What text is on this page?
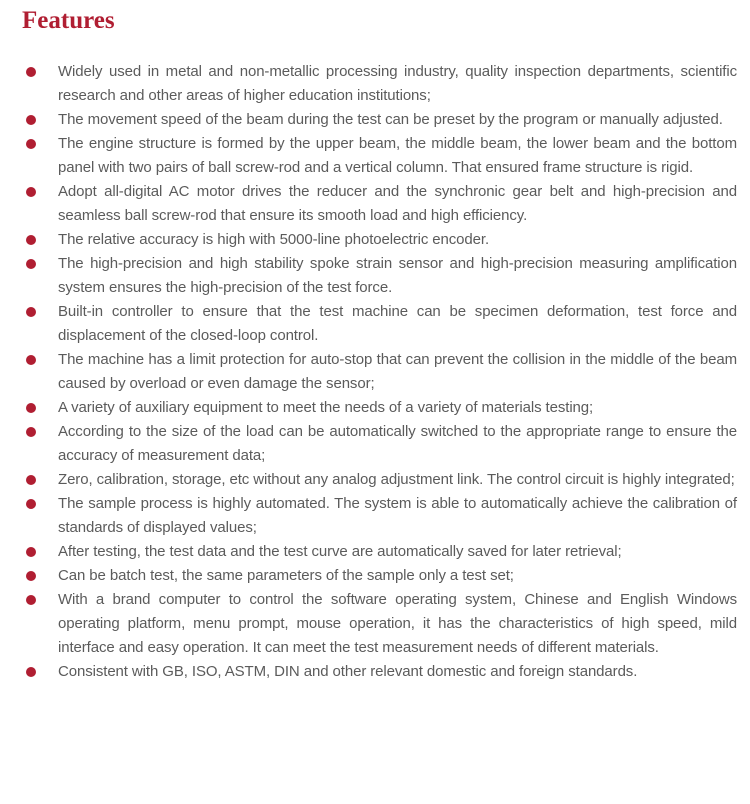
Features

Widely used in metal and non-metallic processing industry, quality inspection departments, scientific research and other areas of higher education institutions;

The movement speed of the beam during the test can be preset by the program or manually adjusted.

The engine structure is formed by the upper beam, the middle beam, the lower beam and the bottom panel with two pairs of ball screw-rod and a vertical column. That ensured frame structure is rigid.

Adopt all-digital AC motor drives the reducer and the synchronic gear belt and high-precision and seamless ball screw-rod that ensure its smooth load and high efficiency.

The relative accuracy is high with 5000-line photoelectric encoder.

The high-precision and high stability spoke strain sensor and high-precision measuring amplification system ensures the high-precision of the test force.

Built-in controller to ensure that the test machine can be specimen deformation, test force and displacement of the closed-loop control.

The machine has a limit protection for auto-stop that can prevent the collision in the middle of the beam caused by overload or even damage the sensor;

A variety of auxiliary equipment to meet the needs of a variety of materials testing;

According to the size of the load can be automatically switched to the appropriate range to ensure the accuracy of measurement data;

Zero, calibration, storage, etc without any analog adjustment link. The control circuit is highly integrated;

The sample process is highly automated. The system is able to automatically achieve the calibration of standards of displayed values;

After testing, the test data and the test curve are automatically saved for later retrieval;

Can be batch test, the same parameters of the sample only a test set;

With a brand computer to control the software operating system, Chinese and English Windows operating platform, menu prompt, mouse operation, it has the characteristics of high speed, mild interface and easy operation. It can meet the test measurement needs of different materials.

Consistent with GB, ISO, ASTM, DIN and other relevant domestic and foreign standards.
